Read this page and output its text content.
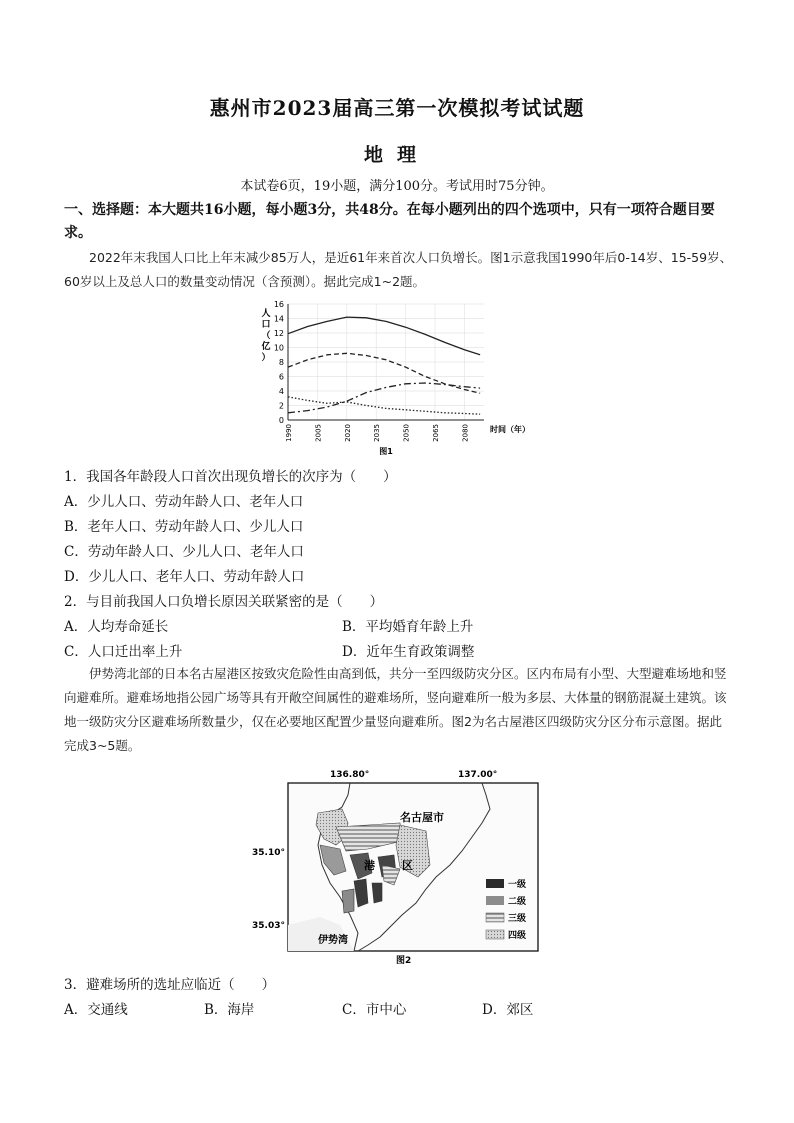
惠州市2023届高三第一次模拟考试试题
地理
本试卷6页，19小题，满分100分。考试用时75分钟。
一、选择题：本大题共16小题，每小题3分，共48分。在每小题列出的四个选项中，只有一项符合题目要求。
2022年末我国人口比上年末减少85万人，是近61年来首次人口负增长。图1示意我国1990年后0-14岁、15-59岁、60岁以上及总人口的数量变动情况（含预测）。据此完成1~2题。
0
2
4
6
8
10
12
14
16
1990	2005	2020	2035	2050	2065	2080
人
口
（
亿
）
时间（年）
图1
1．我国各年龄段人口首次出现负增长的次序为（　　）
A．少儿人口、劳动年龄人口、老年人口
B．老年人口、劳动年龄人口、少儿人口
C．劳动年龄人口、少儿人口、老年人口
D．少儿人口、老年人口、劳动年龄人口
2．与目前我国人口负增长原因关联紧密的是（　　）
A．人均寿命延长	B．平均婚育年龄上升
C．人口迁出率上升	D．近年生育政策调整
伊势湾北部的日本名古屋港区按致灾危险性由高到低，共分一至四级防灾分区。区内布局有小型、大型避难场地和竖向避难所。避难场地指公园广场等具有开敞空间属性的避难场所，竖向避难所一般为多层、大体量的钢筋混凝土建筑。该地一级防灾分区避难场所数量少，仅在必要地区配置少量竖向避难所。图2为名古屋港区四级防灾分区分布示意图。据此完成3~5题。
136.80°	137.00°
35.10°
35.03°
名古屋市
港 区
伊势湾
一级
二级
三级
四级
图2
3．避难场所的选址应临近（　　）
A．交通线	B．海岸	C．市中心	D．郊区
